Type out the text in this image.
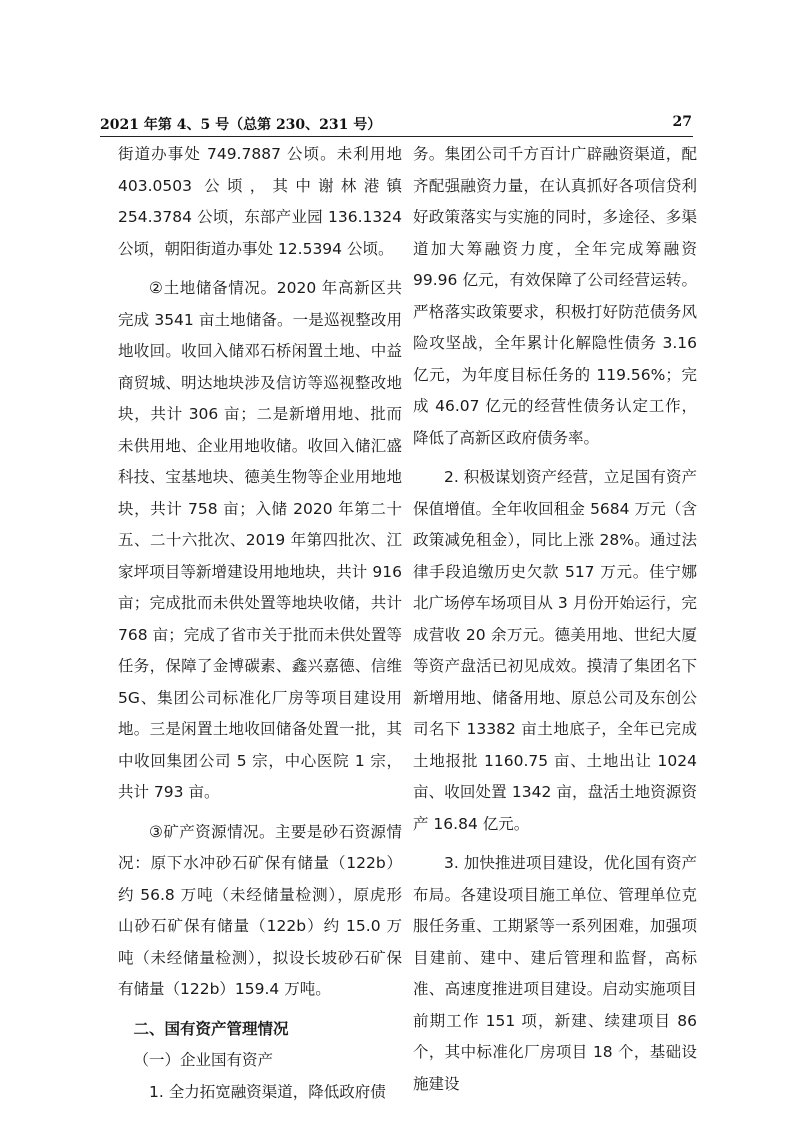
2021 年第 4、5 号（总第 230、231 号）	27

街道办事处 749.7887 公顷。未利用地 403.0503 公顷，其中谢林港镇 254.3784 公顷，东部产业园 136.1324 公顷，朝阳街道办事处 12.5394 公顷。

②土地储备情况。2020 年高新区共完成 3541 亩土地储备。一是巡视整改用地收回。收回入储邓石桥闲置土地、中益商贸城、明达地块涉及信访等巡视整改地块，共计 306 亩；二是新增用地、批而未供用地、企业用地收储。收回入储汇盛科技、宝基地块、德美生物等企业用地地块，共计 758 亩；入储 2020 年第二十五、二十六批次、2019 年第四批次、江家坪项目等新增建设用地地块，共计 916 亩；完成批而未供处置等地块收储，共计 768 亩；完成了省市关于批而未供处置等任务，保障了金博碳素、鑫兴嘉德、信维 5G、集团公司标准化厂房等项目建设用地。三是闲置土地收回储备处置一批，其中收回集团公司 5 宗，中心医院 1 宗，共计 793 亩。

③矿产资源情况。主要是砂石资源情况：原下水冲砂石矿保有储量（122b）约 56.8 万吨（未经储量检测），原虎形山砂石矿保有储量（122b）约 15.0 万吨（未经储量检测），拟设长坡砂石矿保有储量（122b）159.4 万吨。

二、国有资产管理情况

（一）企业国有资产

1. 全力拓宽融资渠道，降低政府债

务。集团公司千方百计广辟融资渠道，配齐配强融资力量，在认真抓好各项信贷利好政策落实与实施的同时，多途径、多渠道加大筹融资力度，全年完成筹融资 99.96 亿元，有效保障了公司经营运转。严格落实政策要求，积极打好防范债务风险攻坚战，全年累计化解隐性债务 3.16 亿元，为年度目标任务的 119.56%；完成 46.07 亿元的经营性债务认定工作，降低了高新区政府债务率。

2. 积极谋划资产经营，立足国有资产保值增值。全年收回租金 5684 万元（含政策减免租金），同比上涨 28%。通过法律手段追缴历史欠款 517 万元。佳宁娜北广场停车场项目从 3 月份开始运行，完成营收 20 余万元。德美用地、世纪大厦等资产盘活已初见成效。摸清了集团名下新增用地、储备用地、原总公司及东创公司名下 13382 亩土地底子，全年已完成土地报批 1160.75 亩、土地出让 1024 亩、收回处置 1342 亩，盘活土地资源资产 16.84 亿元。

3. 加快推进项目建设，优化国有资产布局。各建设项目施工单位、管理单位克服任务重、工期紧等一系列困难，加强项目建前、建中、建后管理和监督，高标准、高速度推进项目建设。启动实施项目前期工作 151 项，新建、续建项目 86 个，其中标准化厂房项目 18 个，基础设施建设
